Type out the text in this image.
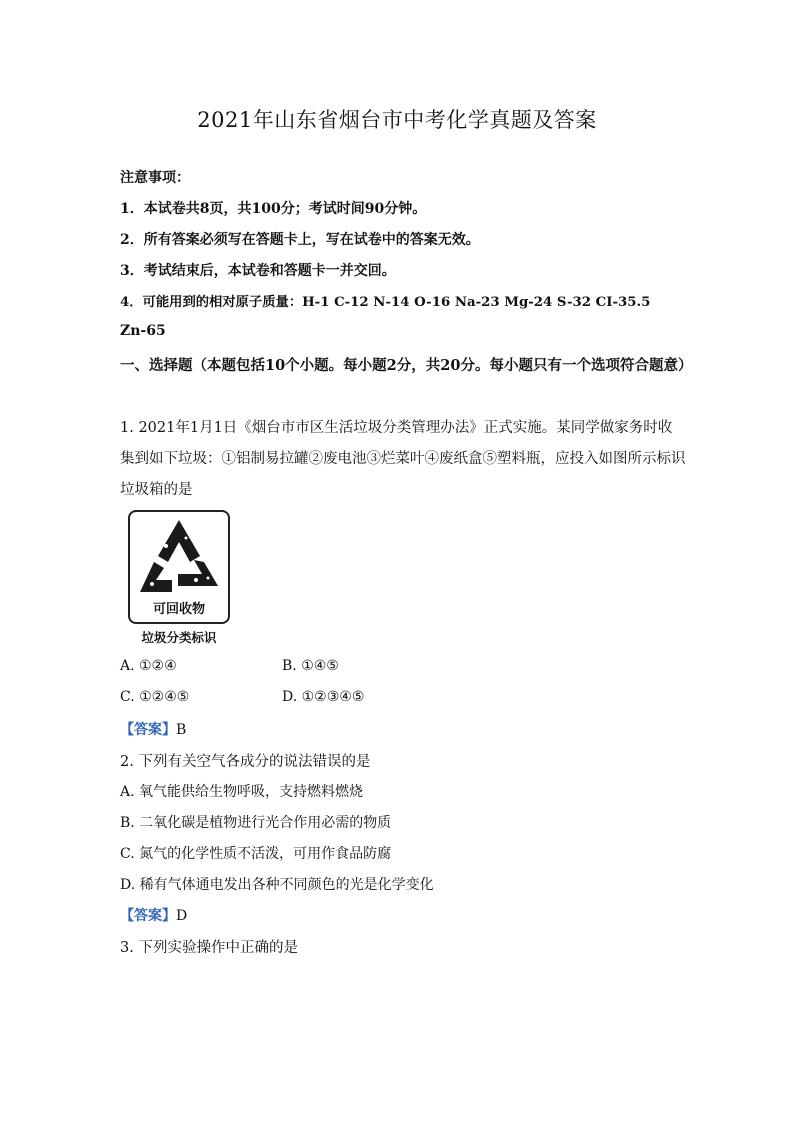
2021年山东省烟台市中考化学真题及答案
注意事项：
1．本试卷共8页，共100分；考试时间90分钟。
2．所有答案必须写在答题卡上，写在试卷中的答案无效。
3．考试结束后，本试卷和答题卡一并交回。
4．可能用到的相对原子质量：H-1 C-12 N-14 O-16 Na-23 Mg-24 S-32 CI-35.5
Zn-65
一、选择题（本题包括10个小题。每小题2分，共20分。每小题只有一个选项符合题意）
1. 2021年1月1日《烟台市市区生活垃圾分类管理办法》正式实施。某同学做家务时收
集到如下垃圾：①铝制易拉罐②废电池③烂菜叶④废纸盒⑤塑料瓶，应投入如图所示标识
垃圾箱的是
可回收物
垃圾分类标识
A. ①②④	B. ①④⑤
C. ①②④⑤	D. ①②③④⑤
【答案】B
2. 下列有关空气各成分的说法错误的是
A. 氧气能供给生物呼吸，支持燃料燃烧
B. 二氧化碳是植物进行光合作用必需的物质
C. 氮气的化学性质不活泼，可用作食品防腐
D. 稀有气体通电发出各种不同颜色的光是化学变化
【答案】D
3. 下列实验操作中正确的是
